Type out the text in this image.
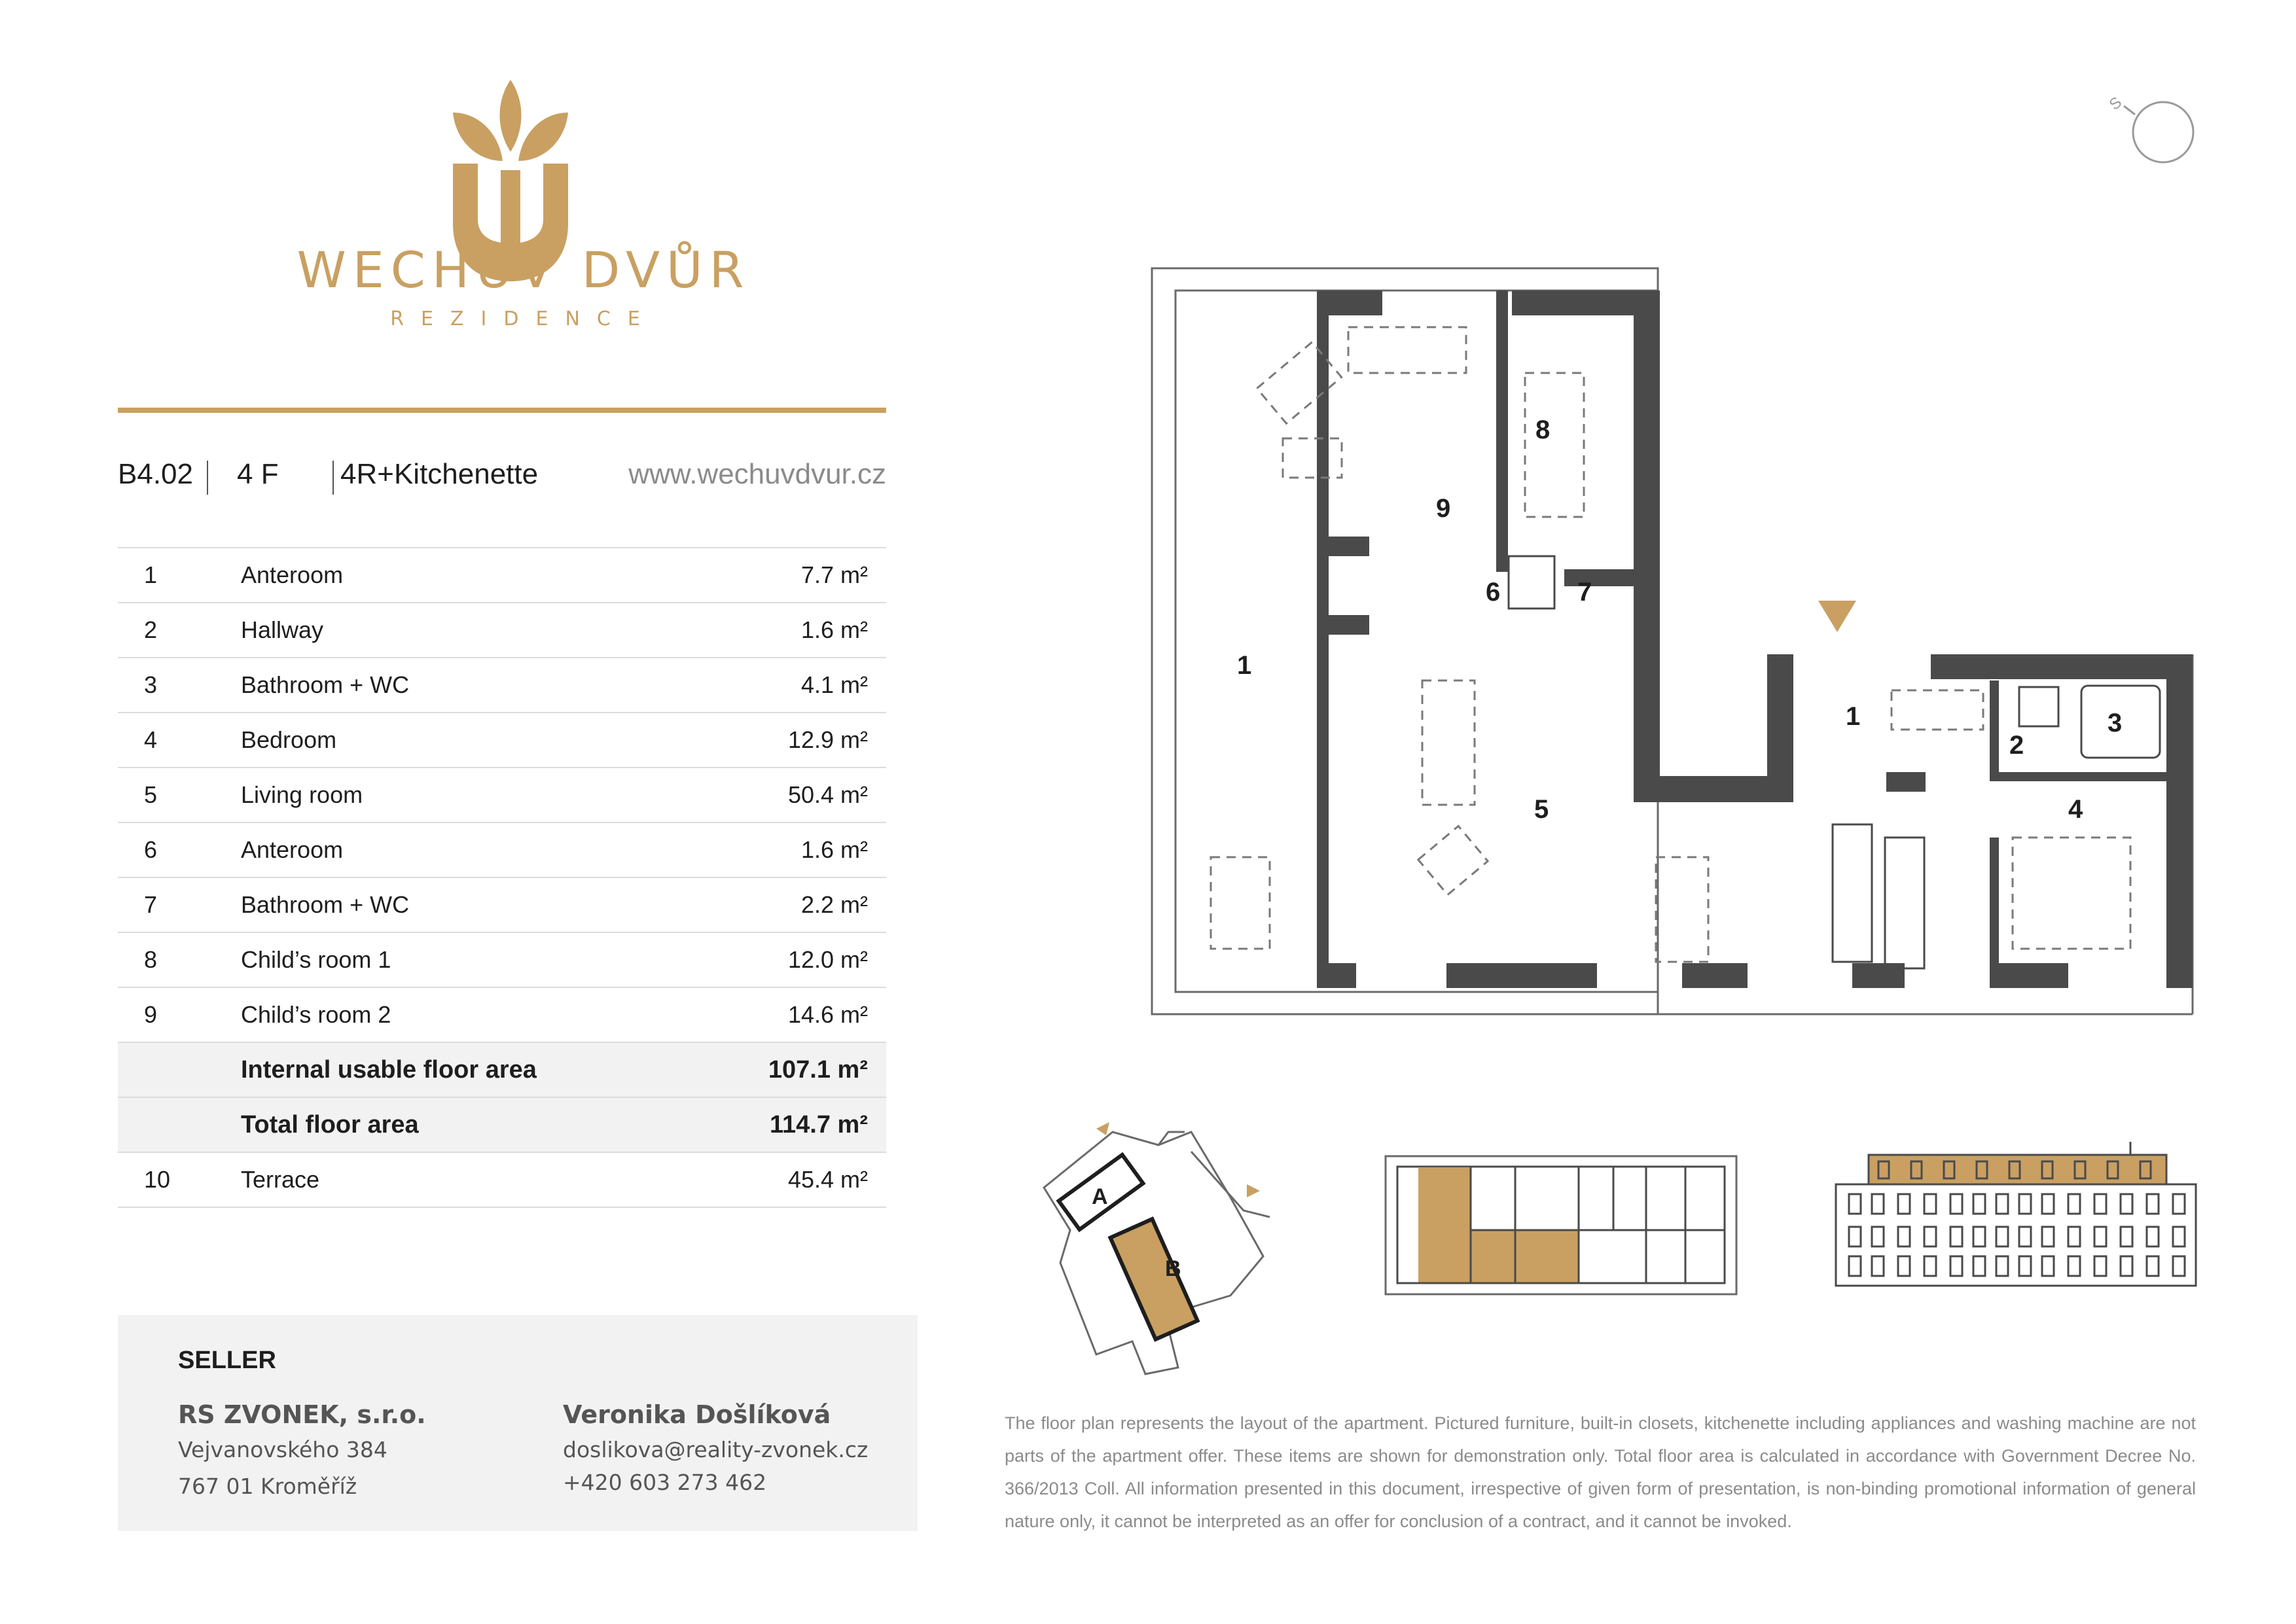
WECHŮV DVŮR
REZIDENCE
B4.02 4 F 4R+Kitchenette	www.wechuvdvur.cz
1	Anteroom	7.7 m²
2	Hallway	1.6 m²
3	Bathroom + WC	4.1 m²
4	Bedroom	12.9 m²
5	Living room	50.4 m²
6	Anteroom	1.6 m²
7	Bathroom + WC	2.2 m²
8	Child’s room 1	12.0 m²
9	Child’s room 2	14.6 m²
	Internal usable floor area	107.1 m²
	Total floor area	114.7 m²
10	Terrace	45.4 m²
SELLER
RS ZVONEK, s.r.o.
Vejvanovského 384
767 01 Kroměříž
Veronika Došlíková
doslikova@reality-zvonek.cz
+420 603 273 462
S
1
9
8
6	7
1
2
3
5	4
A
B
The floor plan represents the layout of the apartment. Pictured furniture, built-in closets, kitchenette including appliances and washing machine are not parts of the apartment offer. These items are shown for demonstration only. Total floor area is calculated in accordance with Government Decree No. 366/2013 Coll. All information presented in this document, irrespective of given form of presentation, is non-binding promotional information of general nature only, it cannot be interpreted as an offer for conclusion of a contract, and it cannot be invoked.
